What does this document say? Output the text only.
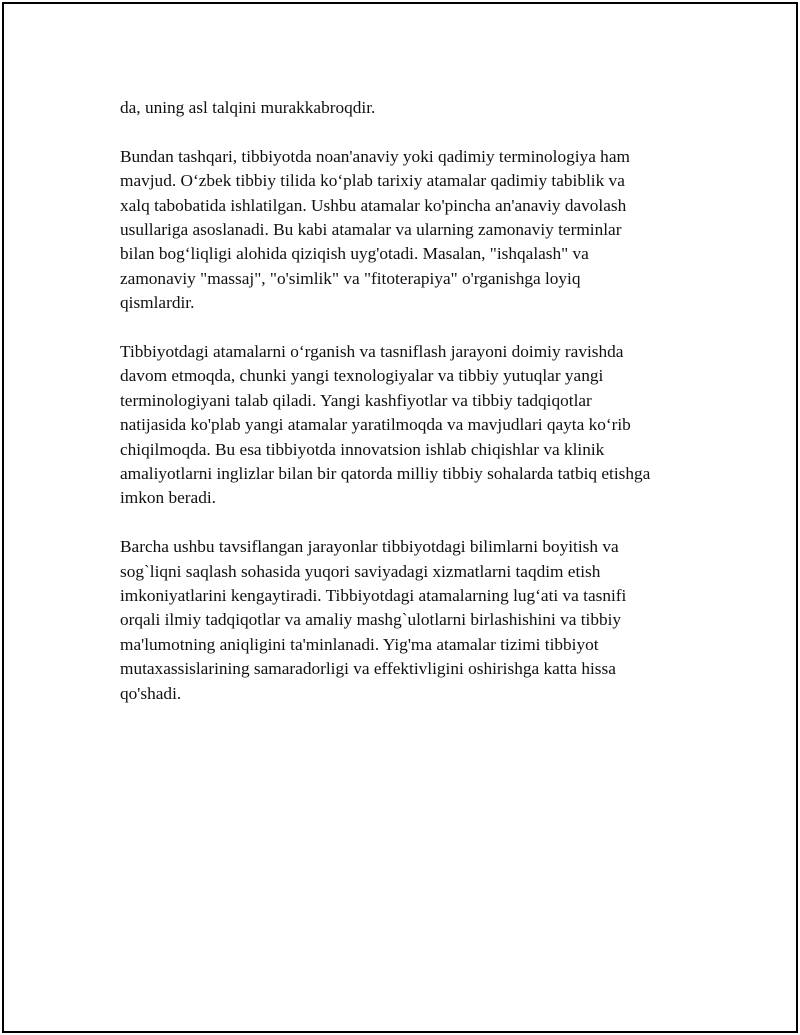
da, uning asl talqini murakkabroqdir.

Bundan tashqari, tibbiyotda noan'anaviy yoki qadimiy terminologiya ham
mavjud. O‘zbek tibbiy tilida ko‘plab tarixiy atamalar qadimiy tabiblik va
xalq tabobatida ishlatilgan. Ushbu atamalar ko'pincha an'anaviy davolash
usullariga asoslanadi. Bu kabi atamalar va ularning zamonaviy terminlar
bilan bog‘liqligi alohida qiziqish uyg'otadi. Masalan, "ishqalash" va
zamonaviy "massaj", "o'simlik" va "fitoterapiya" o'rganishga loyiq
qismlardir.

Tibbiyotdagi atamalarni o‘rganish va tasniflash jarayoni doimiy ravishda
davom etmoqda, chunki yangi texnologiyalar va tibbiy yutuqlar yangi
terminologiyani talab qiladi. Yangi kashfiyotlar va tibbiy tadqiqotlar
natijasida ko'plab yangi atamalar yaratilmoqda va mavjudlari qayta ko‘rib
chiqilmoqda. Bu esa tibbiyotda innovatsion ishlab chiqishlar va klinik
amaliyotlarni inglizlar bilan bir qatorda milliy tibbiy sohalarda tatbiq etishga
imkon beradi.

Barcha ushbu tavsiflangan jarayonlar tibbiyotdagi bilimlarni boyitish va
sog`liqni saqlash sohasida yuqori saviyadagi xizmatlarni taqdim etish
imkoniyatlarini kengaytiradi. Tibbiyotdagi atamalarning lug‘ati va tasnifi
orqali ilmiy tadqiqotlar va amaliy mashg`ulotlarni birlashishini va tibbiy
ma'lumotning aniqligini ta'minlanadi. Yig'ma atamalar tizimi tibbiyot
mutaxassislarining samaradorligi va effektivligini oshirishga katta hissa
qo'shadi.
